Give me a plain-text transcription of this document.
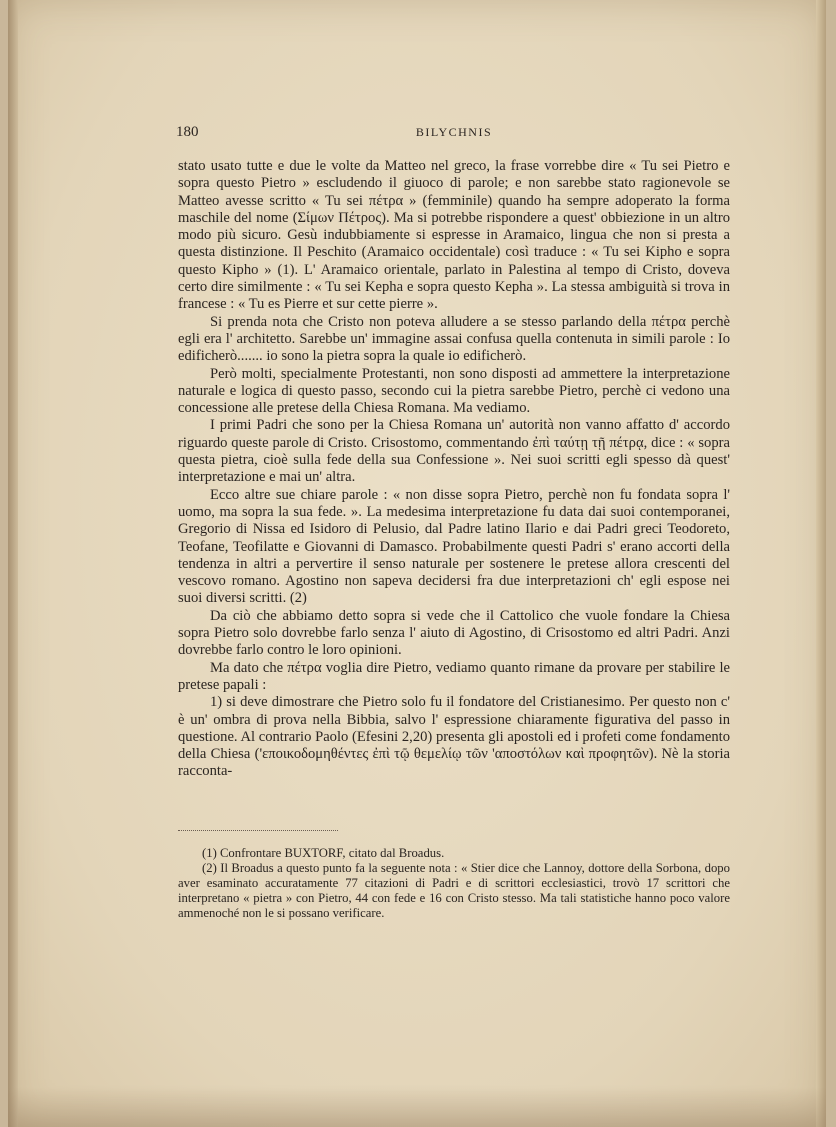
180	BILYCHNIS

stato usato tutte e due le volte da Matteo nel greco, la frase vorrebbe dire « Tu sei Pietro e sopra questo Pietro » escludendo il giuoco di parole; e non sarebbe stato ragionevole se Matteo avesse scritto « Tu sei πέτρα » (femminile) quando ha sempre adoperato la forma maschile del nome (Σίμων Πέτρος). Ma si potrebbe rispondere a quest' obbiezione in un altro modo più sicuro. Gesù indubbiamente si espresse in Aramaico, lingua che non si presta a questa distinzione. Il Peschito (Aramaico occidentale) così traduce : « Tu sei Kipho e sopra questo Kipho » (1). L' Aramaico orientale, parlato in Palestina al tempo di Cristo, doveva certo dire similmente : « Tu sei Kepha e sopra questo Kepha ». La stessa ambiguità si trova in francese : « Tu es Pierre et sur cette pierre ».

Si prenda nota che Cristo non poteva alludere a se stesso parlando della πέτρα perchè egli era l' architetto. Sarebbe un' immagine assai confusa quella contenuta in simili parole : Io edificherò....... io sono la pietra sopra la quale io edificherò.

Però molti, specialmente Protestanti, non sono disposti ad ammettere la interpretazione naturale e logica di questo passo, secondo cui la pietra sarebbe Pietro, perchè ci vedono una concessione alle pretese della Chiesa Romana. Ma vediamo.

I primi Padri che sono per la Chiesa Romana un' autorità non vanno affatto d' accordo riguardo queste parole di Cristo. Crisostomo, commentando ἐπὶ ταύτῃ τῇ πέτρᾳ, dice : « sopra questa pietra, cioè sulla fede della sua Confessione ». Nei suoi scritti egli spesso dà quest' interpretazione e mai un' altra.

Ecco altre sue chiare parole : « non disse sopra Pietro, perchè non fu fondata sopra l' uomo, ma sopra la sua fede. ». La medesima interpretazione fu data dai suoi contemporanei, Gregorio di Nissa ed Isidoro di Pelusio, dal Padre latino Ilario e dai Padri greci Teodoreto, Teofane, Teofilatte e Giovanni di Damasco. Probabilmente questi Padri s' erano accorti della tendenza in altri a pervertire il senso naturale per sostenere le pretese allora crescenti del vescovo romano. Agostino non sapeva decidersi fra due interpretazioni ch' egli espose nei suoi diversi scritti. (2)

Da ciò che abbiamo detto sopra si vede che il Cattolico che vuole fondare la Chiesa sopra Pietro solo dovrebbe farlo senza l' aiuto di Agostino, di Crisostomo ed altri Padri. Anzi dovrebbe farlo contro le loro opinioni.

Ma dato che πέτρα voglia dire Pietro, vediamo quanto rimane da provare per stabilire le pretese papali :

1) si deve dimostrare che Pietro solo fu il fondatore del Cristianesimo. Per questo non c' è un' ombra di prova nella Bibbia, salvo l' espressione chiaramente figurativa del passo in questione. Al contrario Paolo (Efesini 2,20) presenta gli apostoli ed i profeti come fondamento della Chiesa ('εποικοδομηθέντες ἐπὶ τῷ θεμελίῳ τῶν 'αποστόλων καὶ προφητῶν). Nè la storia racconta-

(1) Confrontare BUXTORF, citato dal Broadus.

(2) Il Broadus a questo punto fa la seguente nota : « Stier dice che Lannoy, dottore della Sorbona, dopo aver esaminato accuratamente 77 citazioni di Padri e di scrittori ecclesiastici, trovò 17 scrittori che interpretano « pietra » con Pietro, 44 con fede e 16 con Cristo stesso. Ma tali statistiche hanno poco valore ammenoché non le si possano verificare.
